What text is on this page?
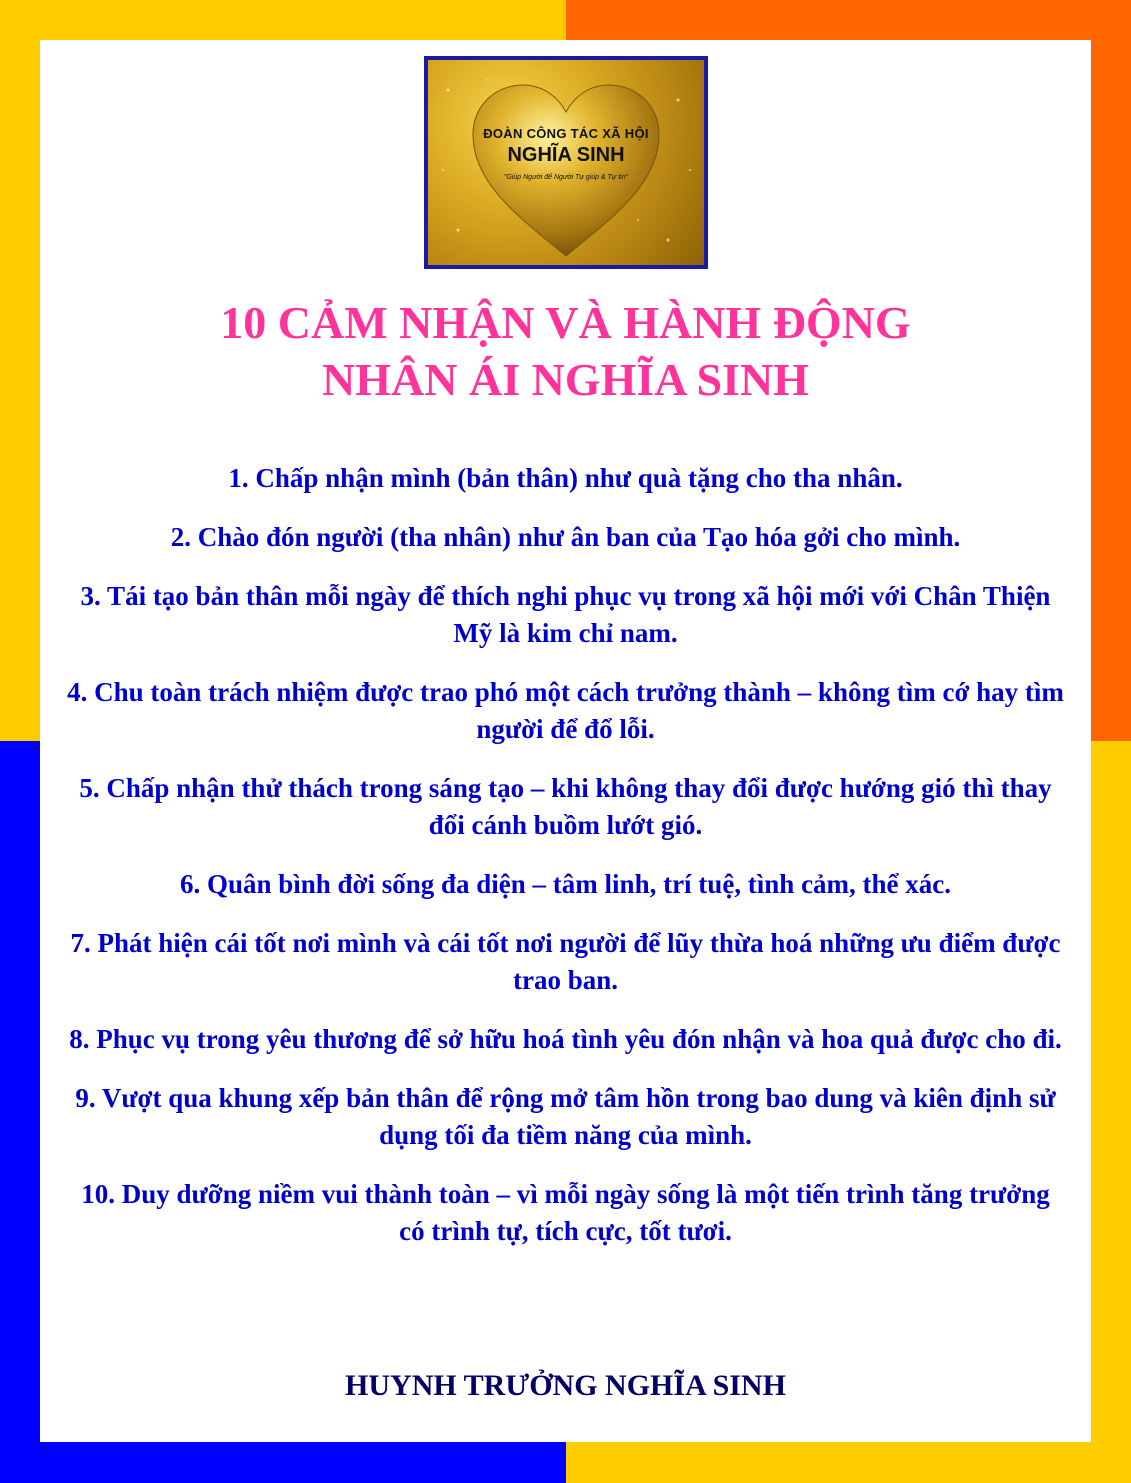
ĐOÀN CÔNG TÁC XÃ HỘI
NGHĨA SINH
"Giúp Người để Người Tự giúp & Tự tin"
10 CẢM NHẬN VÀ HÀNH ĐỘNG
NHÂN ÁI NGHĨA SINH
1. Chấp nhận mình (bản thân) như quà tặng cho tha nhân.
2. Chào đón người (tha nhân) như ân ban của Tạo hóa gởi cho mình.
3. Tái tạo bản thân mỗi ngày để thích nghi phục vụ trong xã hội mới với Chân Thiện Mỹ là kim chỉ nam.
4. Chu toàn trách nhiệm được trao phó một cách trưởng thành – không tìm cớ hay tìm người để đổ lỗi.
5. Chấp nhận thử thách trong sáng tạo – khi không thay đổi được hướng gió thì thay đổi cánh buồm lướt gió.
6. Quân bình đời sống đa diện – tâm linh, trí tuệ, tình cảm, thể xác.
7. Phát hiện cái tốt nơi mình và cái tốt nơi người để lũy thừa hoá những ưu điểm được trao ban.
8. Phục vụ trong yêu thương để sở hữu hoá tình yêu đón nhận và hoa quả được cho đi.
9. Vượt qua khung xếp bản thân để rộng mở tâm hồn trong bao dung và kiên định sử dụng tối đa tiềm năng của mình.
10. Duy dưỡng niềm vui thành toàn – vì mỗi ngày sống là một tiến trình tăng trưởng có trình tự, tích cực, tốt tươi.
HUYNH TRƯỞNG NGHĨA SINH
